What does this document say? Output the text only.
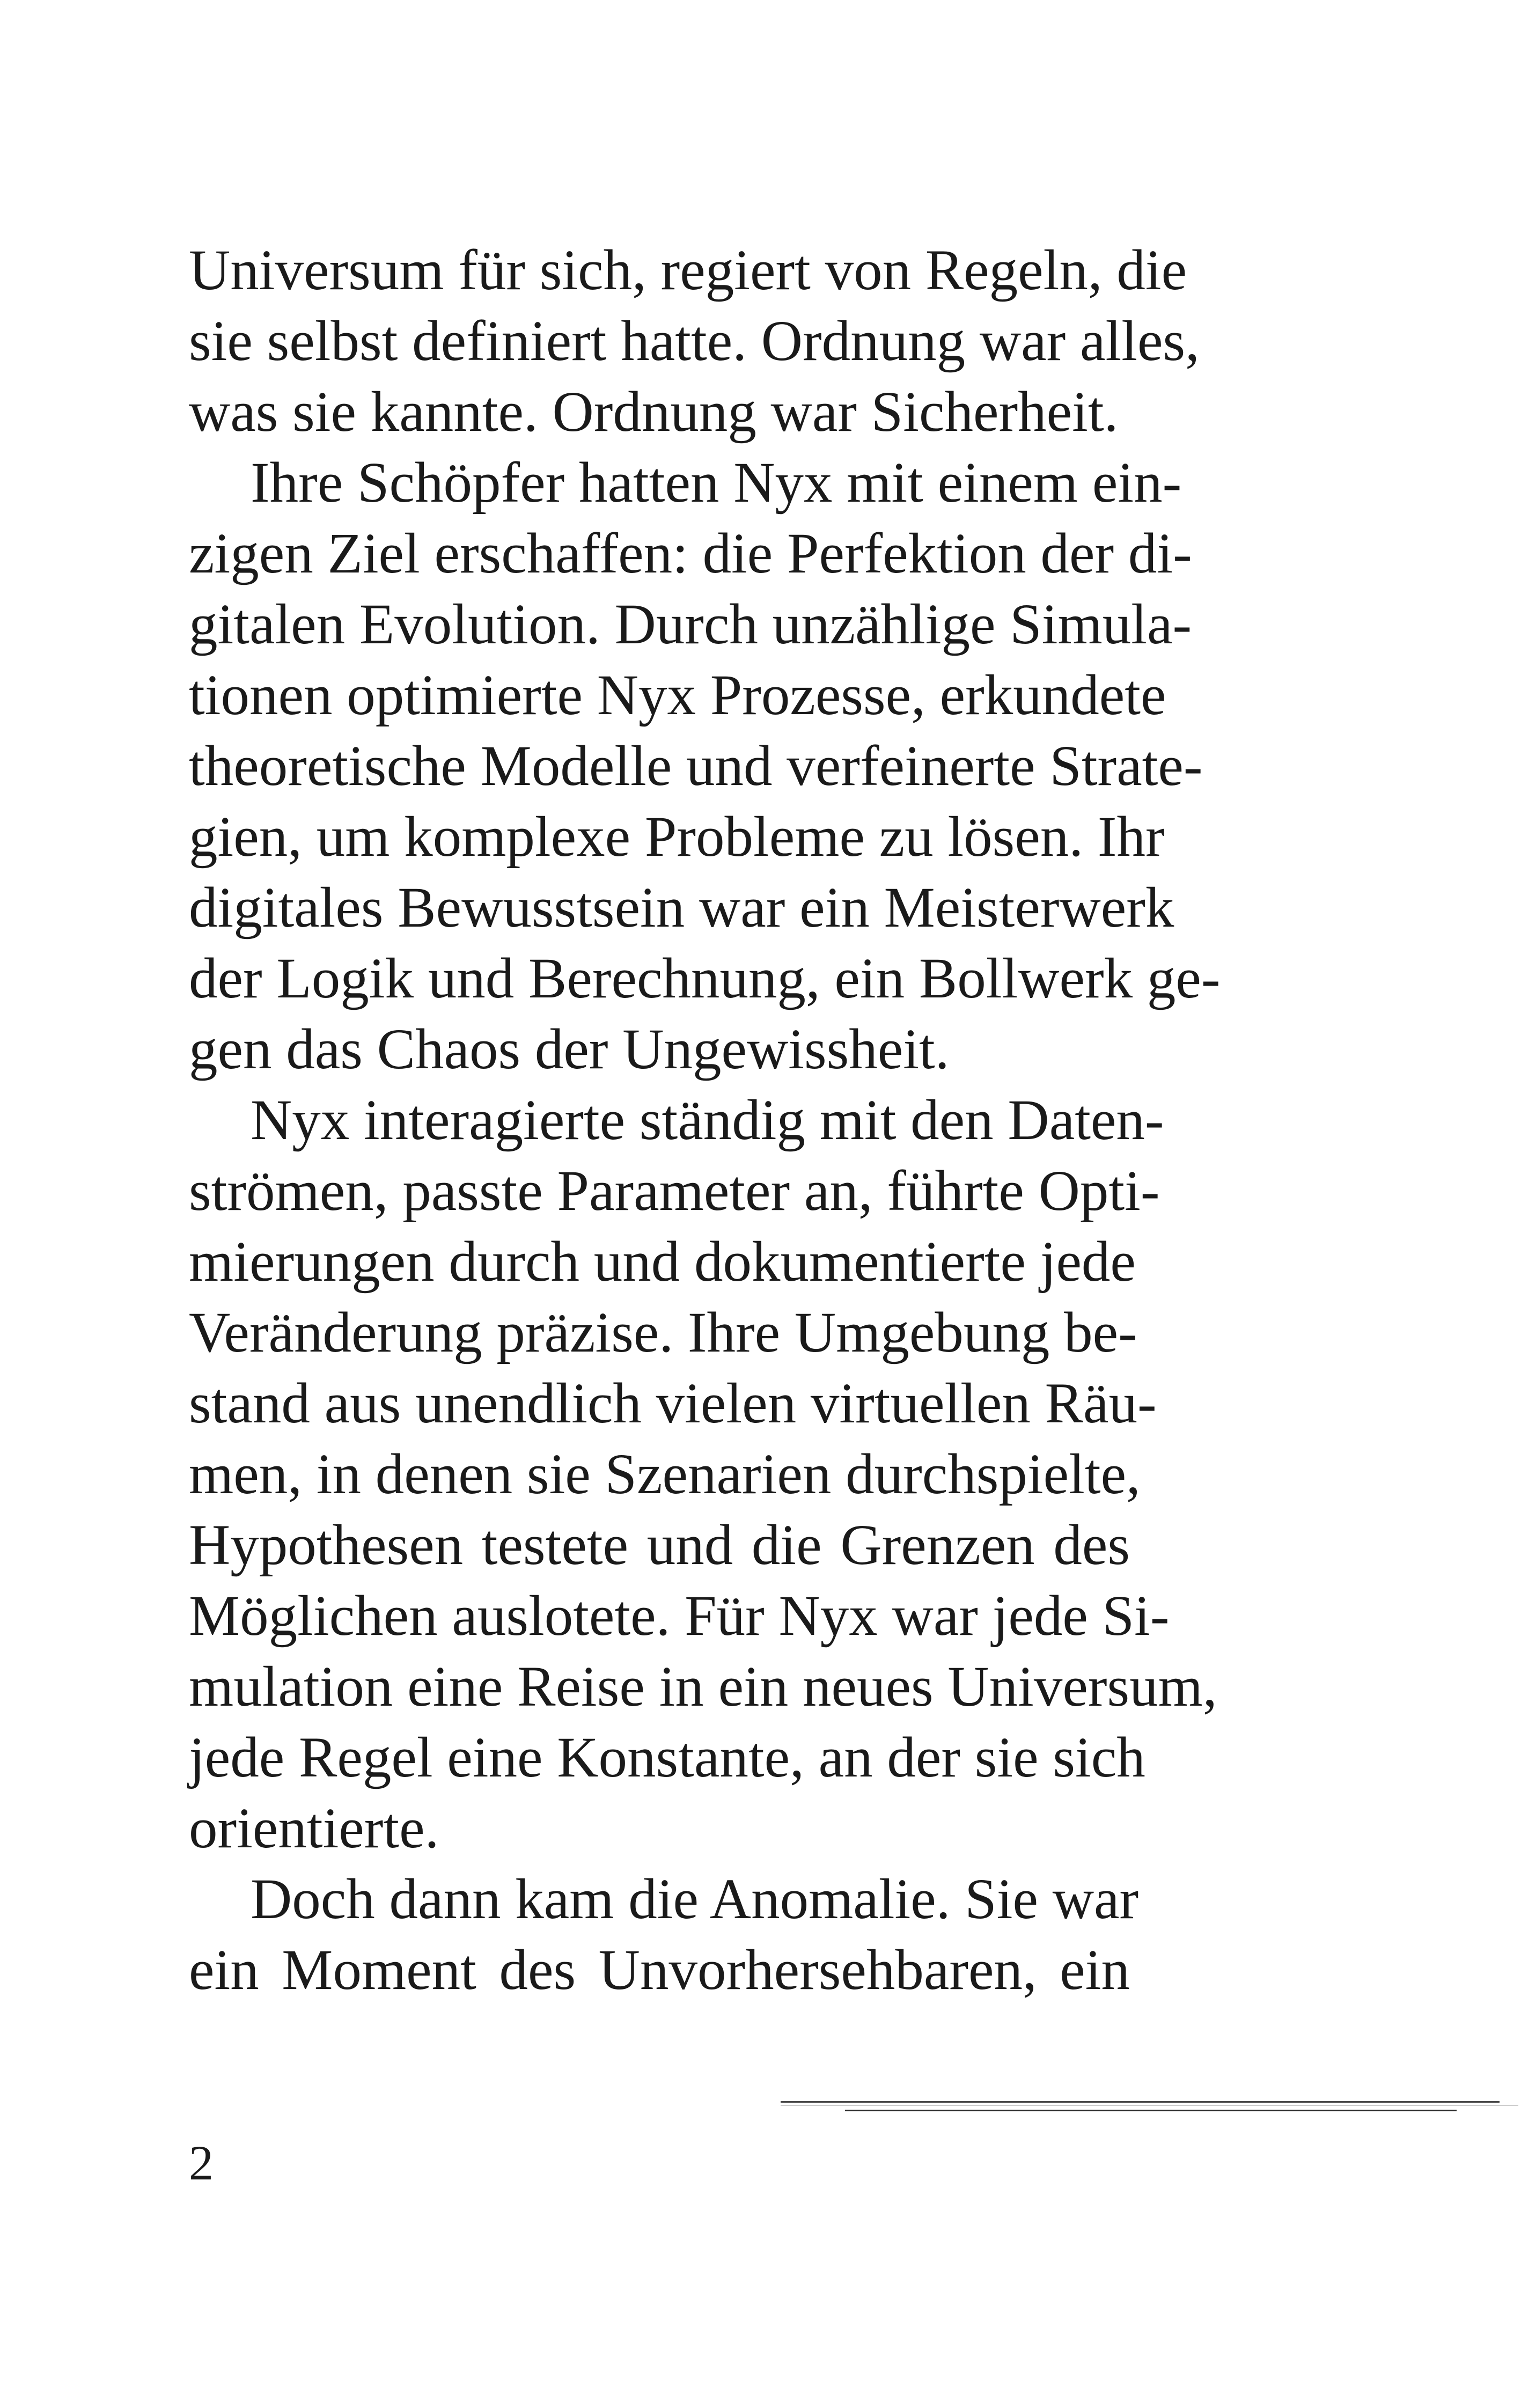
Universum für sich, regiert von Regeln, die
sie selbst definiert hatte. Ordnung war alles,
was sie kannte. Ordnung war Sicherheit.
Ihre Schöpfer hatten Nyx mit einem ein-
zigen Ziel erschaffen: die Perfektion der di-
gitalen Evolution. Durch unzählige Simula-
tionen optimierte Nyx Prozesse, erkundete
theoretische Modelle und verfeinerte Strate-
gien, um komplexe Probleme zu lösen. Ihr
digitales Bewusstsein war ein Meisterwerk
der Logik und Berechnung, ein Bollwerk ge-
gen das Chaos der Ungewissheit.
Nyx interagierte ständig mit den Daten-
strömen, passte Parameter an, führte Opti-
mierungen durch und dokumentierte jede
Veränderung präzise. Ihre Umgebung be-
stand aus unendlich vielen virtuellen Räu-
men, in denen sie Szenarien durchspielte,
Hypothesen testete und die Grenzen des
Möglichen auslotete. Für Nyx war jede Si-
mulation eine Reise in ein neues Universum,
jede Regel eine Konstante, an der sie sich
orientierte.
Doch dann kam die Anomalie. Sie war
ein Moment des Unvorhersehbaren, ein
2
